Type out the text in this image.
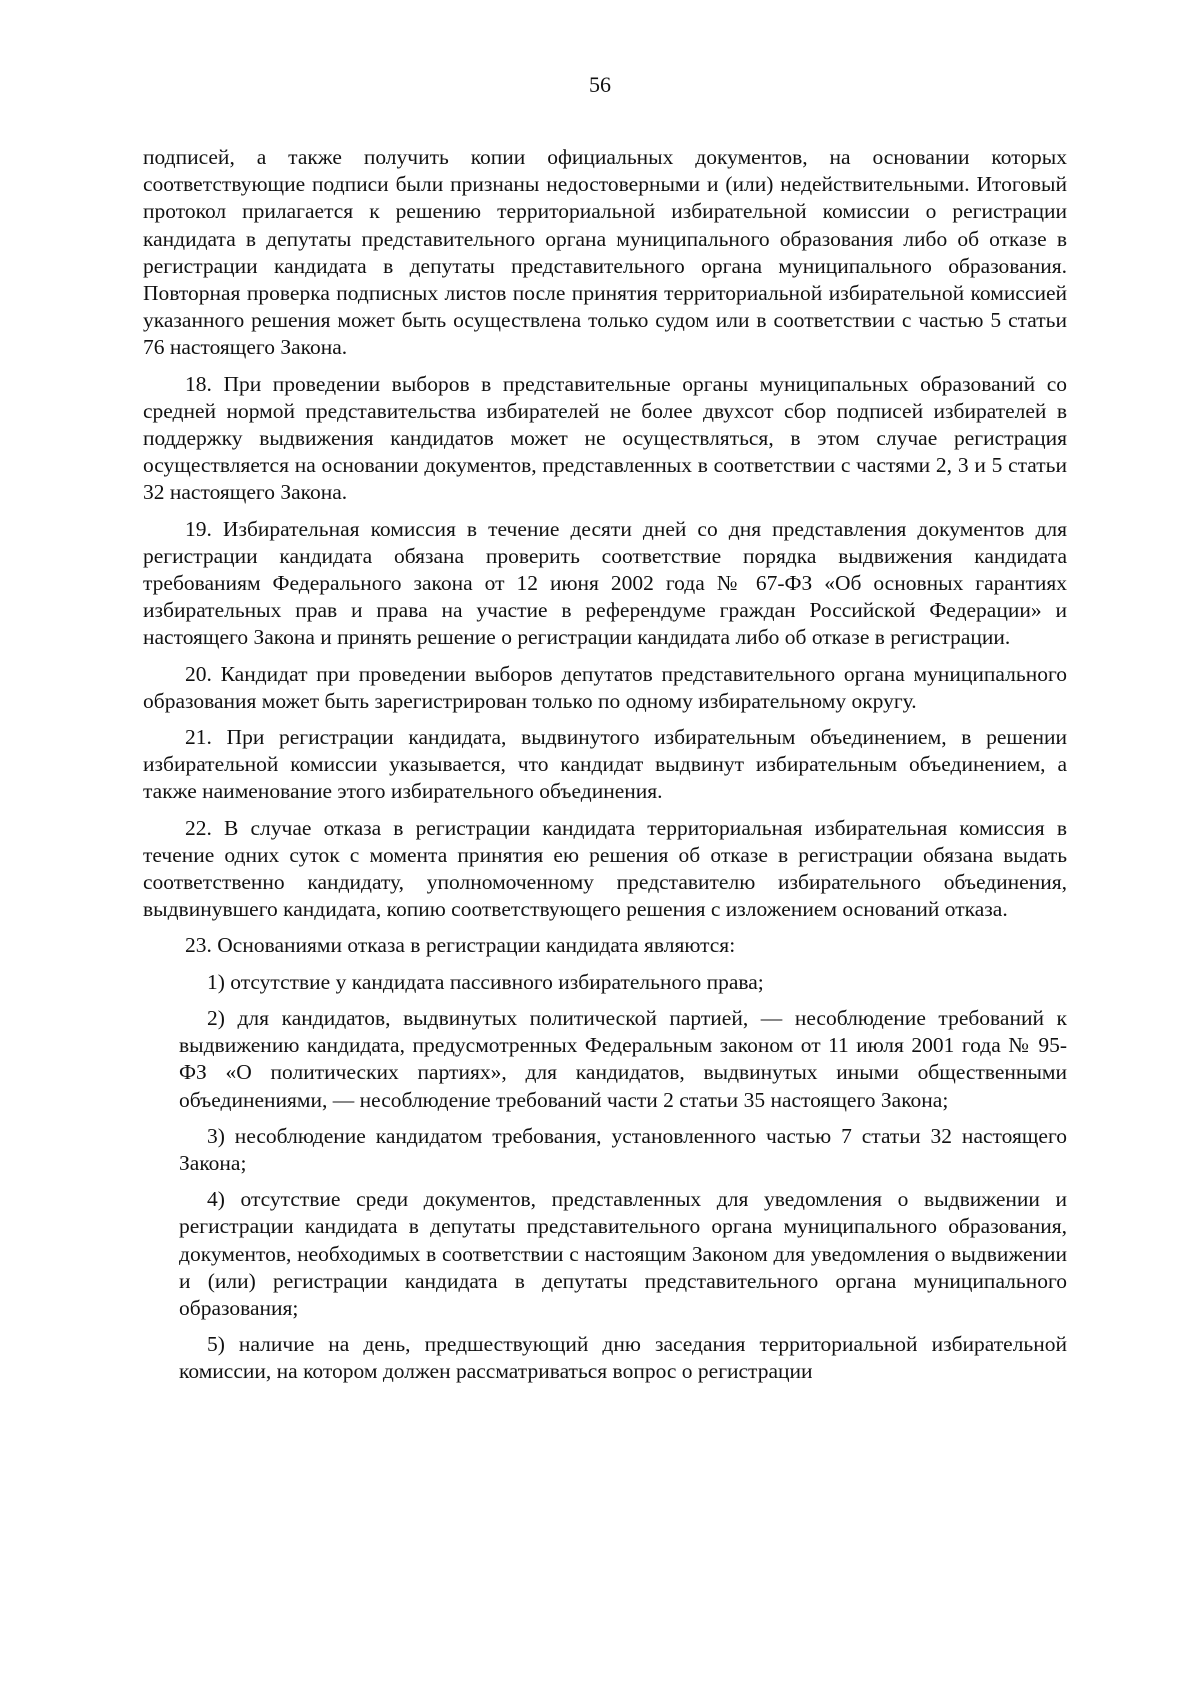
56

подписей, а также получить копии официальных документов, на основании которых соответствующие подписи были признаны недостоверными и (или) недействительными. Итоговый протокол прилагается к решению территориальной избирательной комиссии о регистрации кандидата в депутаты представительного органа муниципального образования либо об отказе в регистрации кандидата в депутаты представительного органа муниципального образования. Повторная проверка подписных листов после принятия территориальной избирательной комиссией указанного решения может быть осуществлена только судом или в соответствии с частью 5 статьи 76 настоящего Закона.

18. При проведении выборов в представительные органы муниципальных образований со средней нормой представительства избирателей не более двухсот сбор подписей избирателей в поддержку выдвижения кандидатов может не осуществляться, в этом случае регистрация осуществляется на основании документов, представленных в соответствии с частями 2, 3 и 5 статьи 32 настоящего Закона.

19. Избирательная комиссия в течение десяти дней со дня представления документов для регистрации кандидата обязана проверить соответствие порядка выдвижения кандидата требованиям Федерального закона от 12 июня 2002 года № 67-ФЗ «Об основных гарантиях избирательных прав и права на участие в референдуме граждан Российской Федерации» и настоящего Закона и принять решение о регистрации кандидата либо об отказе в регистрации.

20. Кандидат при проведении выборов депутатов представительного органа муниципального образования может быть зарегистрирован только по одному избирательному округу.

21. При регистрации кандидата, выдвинутого избирательным объединением, в решении избирательной комиссии указывается, что кандидат выдвинут избирательным объединением, а также наименование этого избирательного объединения.

22. В случае отказа в регистрации кандидата территориальная избирательная комиссия в течение одних суток с момента принятия ею решения об отказе в регистрации обязана выдать соответственно кандидату, уполномоченному представителю избирательного объединения, выдвинувшего кандидата, копию соответствующего решения с изложением оснований отказа.

23. Основаниями отказа в регистрации кандидата являются:

1) отсутствие у кандидата пассивного избирательного права;

2) для кандидатов, выдвинутых политической партией, — несоблюдение требований к выдвижению кандидата, предусмотренных Федеральным законом от 11 июля 2001 года № 95-ФЗ «О политических партиях», для кандидатов, выдвинутых иными общественными объединениями, — несоблюдение требований части 2 статьи 35 настоящего Закона;

3) несоблюдение кандидатом требования, установленного частью 7 статьи 32 настоящего Закона;

4) отсутствие среди документов, представленных для уведомления о выдвижении и регистрации кандидата в депутаты представительного органа муниципального образования, документов, необходимых в соответствии с настоящим Законом для уведомления о выдвижении и (или) регистрации кандидата в депутаты представительного органа муниципального образования;

5) наличие на день, предшествующий дню заседания территориальной избирательной комиссии, на котором должен рассматриваться вопрос о регистрации
